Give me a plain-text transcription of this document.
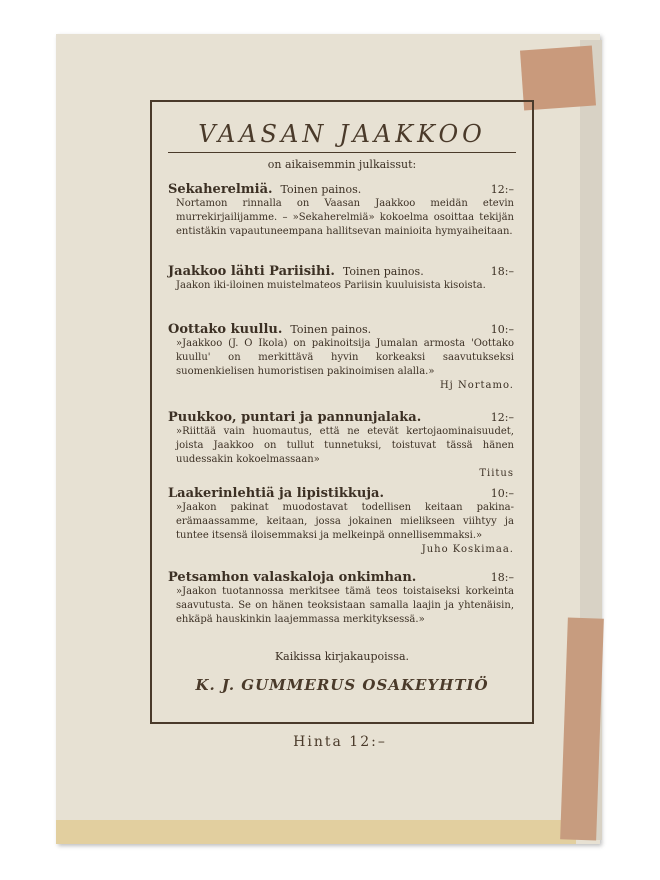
VAASAN JAAKKOO
on aikaisemmin julkaissut:
Sekaherelmiä. Toinen painos.	12:–
Nortamon rinnalla on Vaasan Jaakkoo meidän etevin murrekirjailijamme. – »Sekaherelmiä» kokoelma osoittaa tekijän entistäkin vapautuneempana hallitsevan mainioita hymyaiheitaan.
Jaakkoo lähti Pariisihi. Toinen painos.	18:–
Jaakon iki-iloinen muistelmateos Pariisin kuuluisista kisoista.
Oottako kuullu. Toinen painos.	10:–
»Jaakkoo (J. O Ikola) on pakinoitsija Jumalan armosta 'Oottako kuullu' on merkittävä hyvin korkeaksi saavutukseksi suomenkielisen humoristisen pakinoimisen alalla.»
Hj Nortamo.
Puukkoo, puntari ja pannunjalaka.	12:–
»Riittää vain huomautus, että ne etevät kertojaominaisuudet, joista Jaakkoo on tullut tunnetuksi, toistuvat tässä hänen uudessakin kokoelmassaan»
Tiitus
Laakerinlehtiä ja lipistikkuja.	10:–
»Jaakon pakinat muodostavat todellisen keitaan pakina-erämaassamme, keitaan, jossa jokainen mielikseen viihtyy ja tuntee itsensä iloisemmaksi ja melkeinpä onnellisemmaksi.»
Juho Koskimaa.
Petsamhon valaskaloja onkimhan.	18:–
»Jaakon tuotannossa merkitsee tämä teos toistaiseksi korkeinta saavutusta. Se on hänen teoksistaan samalla laajin ja yhtenäisin, ehkäpä hauskinkin laajemmassa merkityksessä.»
Kaikissa kirjakaupoissa.
K. J. GUMMERUS OSAKEYHTIÖ
Hinta 12:–
